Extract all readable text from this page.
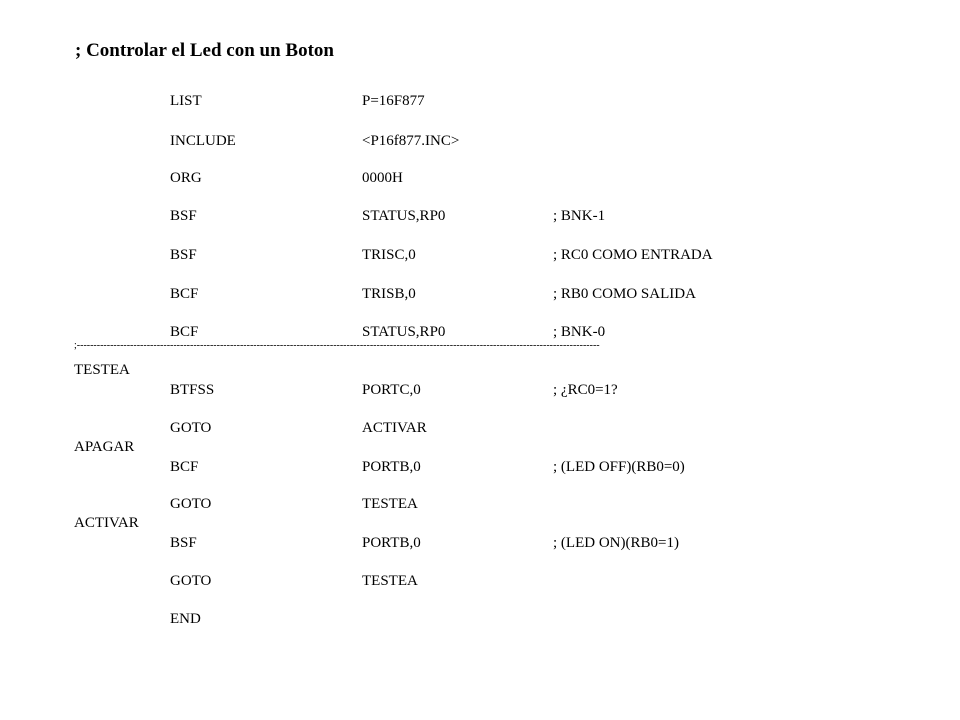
; Controlar el Led con un Boton
LIST	P=16F877
INCLUDE	<P16f877.INC>
ORG	0000H
BSF	STATUS,RP0	; BNK-1
BSF	TRISC,0	; RC0 COMO ENTRADA
BCF	TRISB,0	; RB0 COMO SALIDA
BCF	STATUS,RP0	; BNK-0
;-------------------------------------------------------------------------------------------------------------------------------------------------------------
TESTEA
BTFSS	PORTC,0	; ¿RC0=1?
GOTO	ACTIVAR
APAGAR
BCF	PORTB,0	; (LED OFF)(RB0=0)
GOTO	TESTEA
ACTIVAR
BSF	PORTB,0	; (LED ON)(RB0=1)
GOTO	TESTEA
END
